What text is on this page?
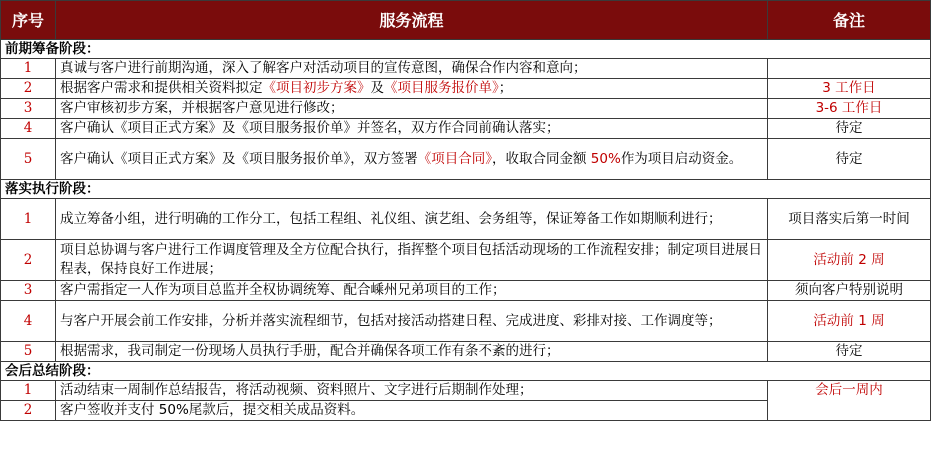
序号	服务流程	备注
前期筹备阶段：		
1	真诚与客户进行前期沟通，深入了解客户对活动项目的宣传意图，确保合作内容和意向；	
2	根据客户需求和提供相关资料拟定《项目初步方案》及《项目服务报价单》；	3 工作日
3	客户审核初步方案，并根据客户意见进行修改；	3-6 工作日
4	客户确认《项目正式方案》及《项目服务报价单》并签名，双方作合同前确认落实；	待定
5	客户确认《项目正式方案》及《项目服务报价单》，双方签署《项目合同》，收取合同金额 50%作为项目启动资金。	待定
落实执行阶段：		
1	成立筹备小组，进行明确的工作分工，包括工程组、礼仪组、演艺组、会务组等，保证筹备工作如期顺利进行；	项目落实后第一时间
2	项目总协调与客户进行工作调度管理及全方位配合执行，指挥整个项目包括活动现场的工作流程安排；制定项目进展日程表，保持良好工作进展；	活动前 2 周
3	客户需指定一人作为项目总监并全权协调统筹、配合嵊州兄弟项目的工作；	须向客户特别说明
4	与客户开展会前工作安排，分析并落实流程细节，包括对接活动搭建日程、完成进度、彩排对接、工作调度等；	活动前 1 周
5	根据需求，我司制定一份现场人员执行手册，配合并确保各项工作有条不紊的进行；	待定
会后总结阶段：		
1	活动结束一周制作总结报告，将活动视频、资料照片、文字进行后期制作处理；	会后一周内
2	客户签收并支付 50%尾款后，提交相关成品资料。	
